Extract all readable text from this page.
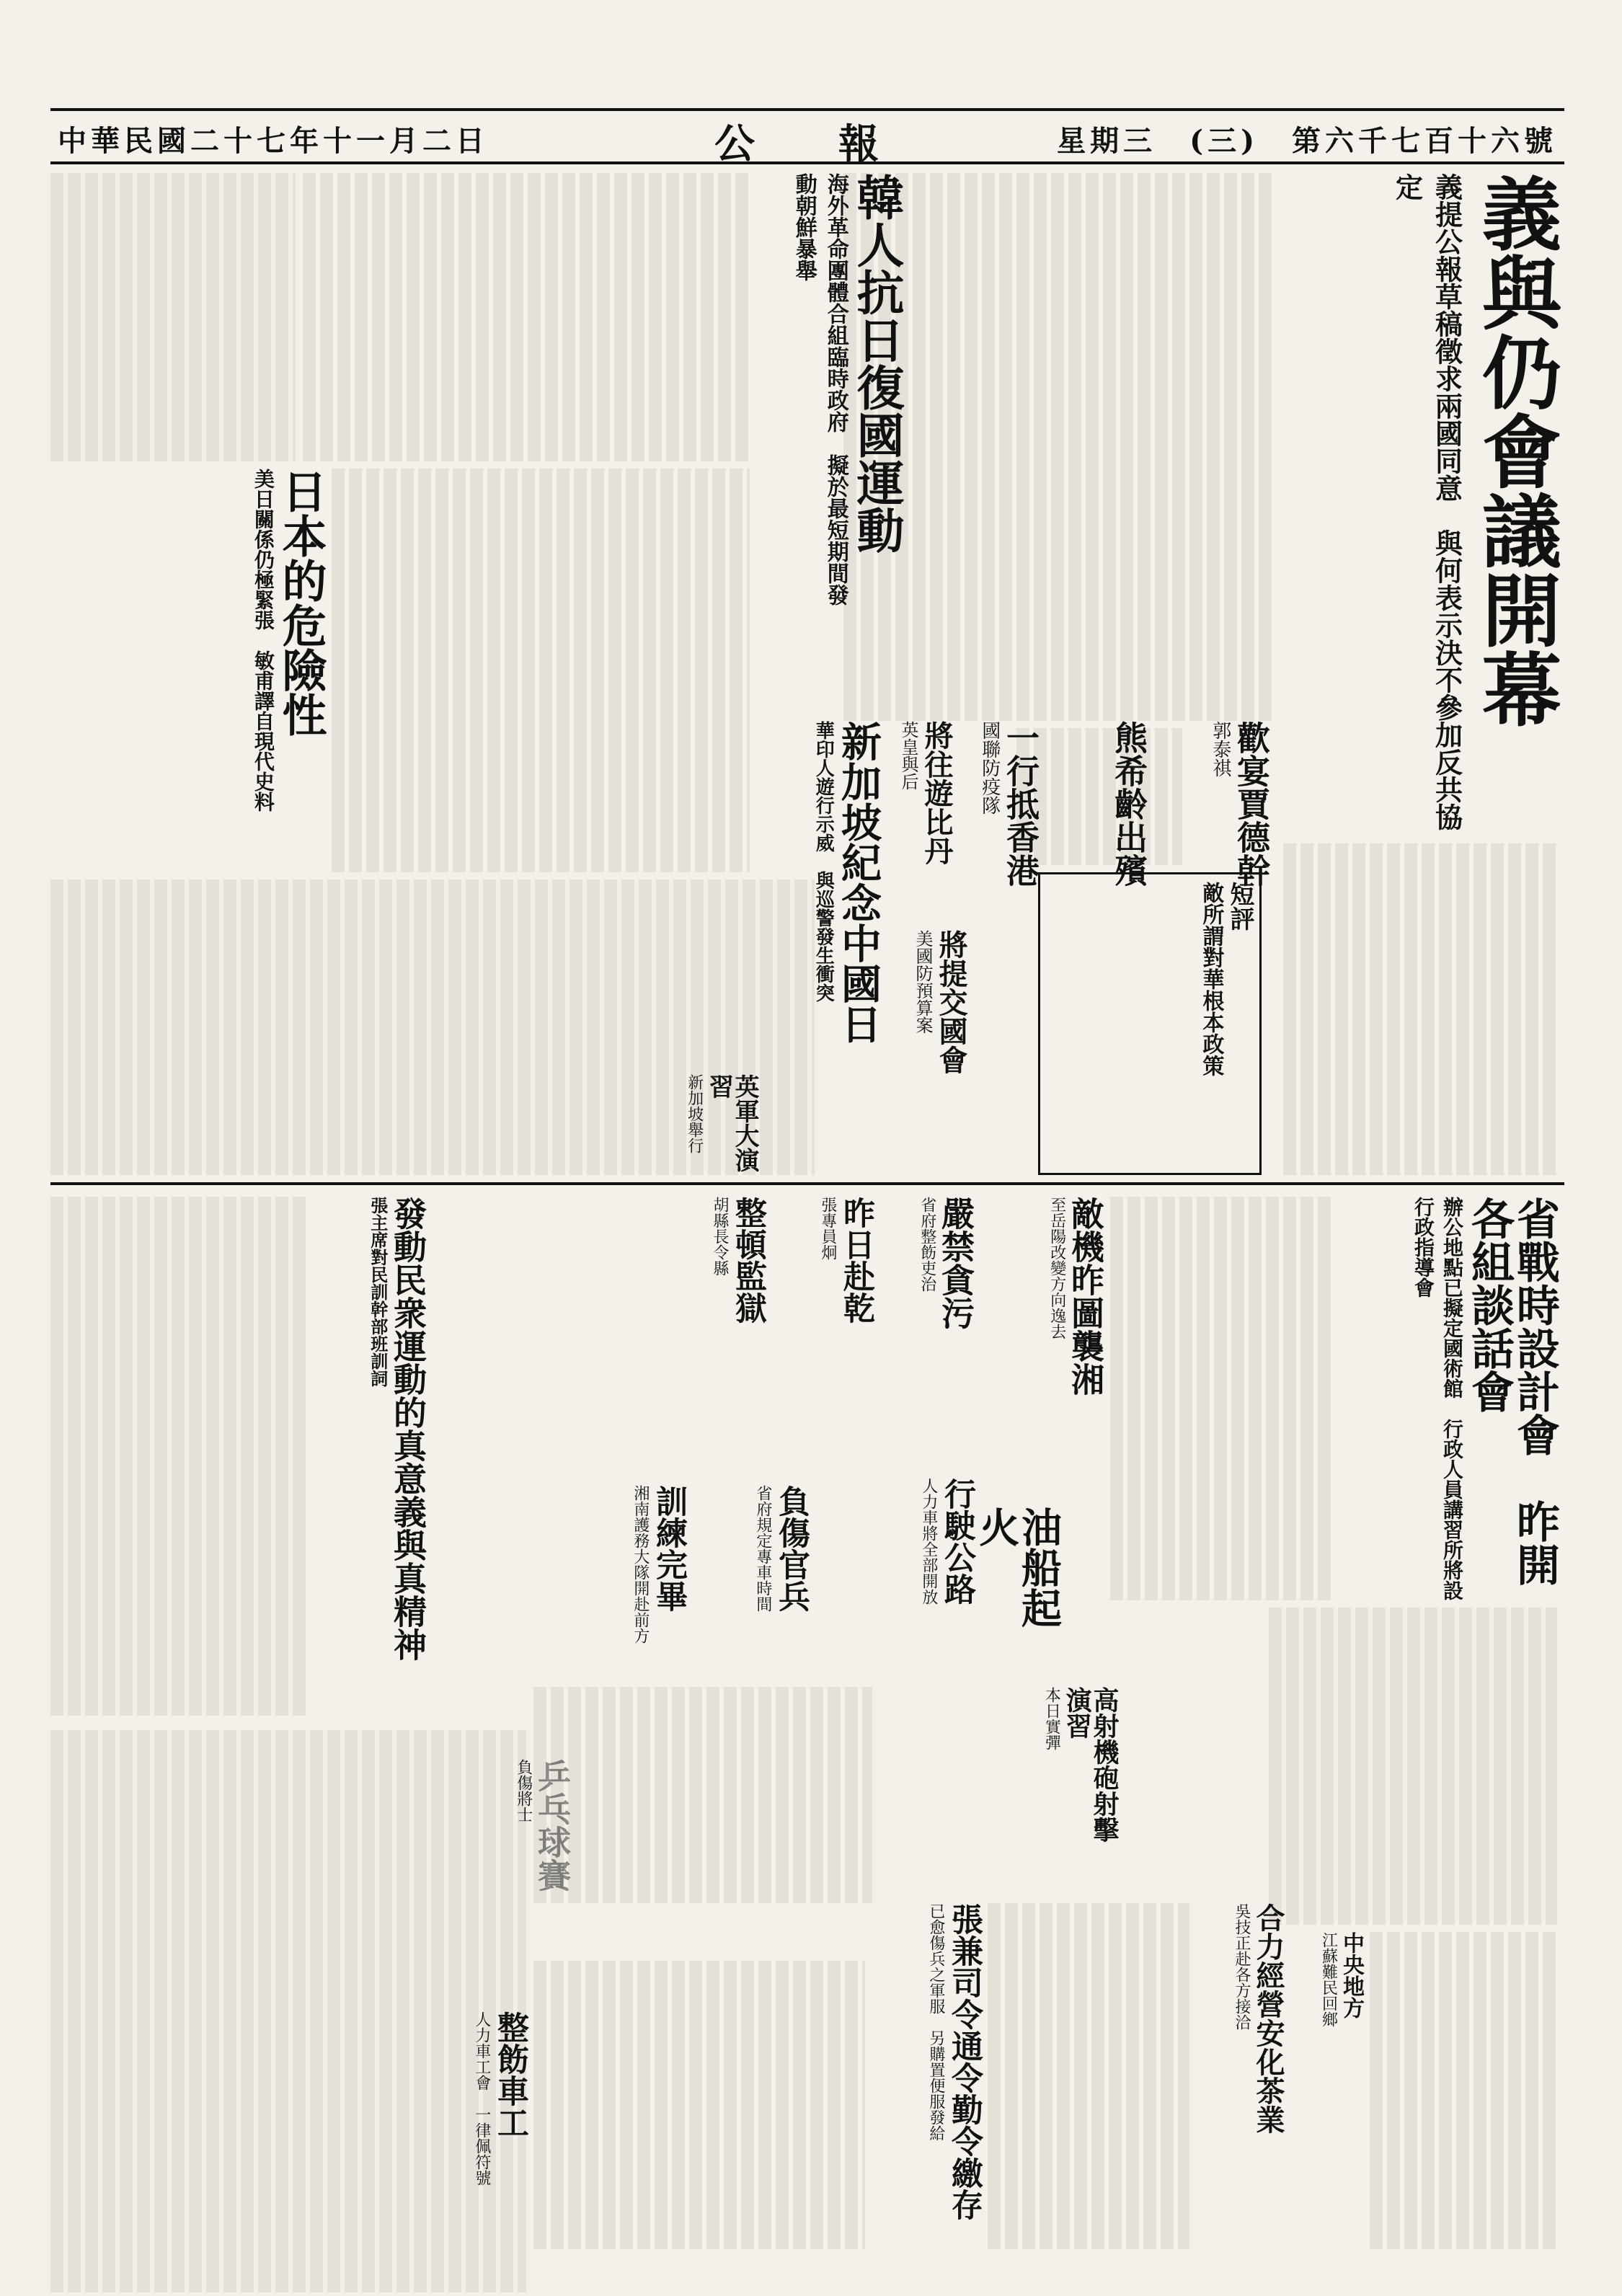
中華民國二十七年十一月二日	公　報	星期三　(三)　第六千七百十六號
義與仍會議開幕
義提公報草稿徵求兩國同意　與何表示決不參加反共協定
韓人抗日復國運動
海外革命團體合組臨時政府　擬於最短期間發動朝鮮暴舉
日本的危險性
美日關係仍極緊張　敏甫譯自現代史料	歡宴賈德幹
郭泰祺
熊希齡出殯
一行抵香港
國聯防疫隊
將往遊比丹
英皇與后
新加坡紀念中國日
華印人遊行示威　與巡警發生衝突	將提交國會
美國防預算案
短評
敵所謂對華根本政策
英軍大演習
新加坡舉行
省戰時設計會　昨開各組談話會
辦公地點已擬定國術館　行政人員講習所將設行政指導會
敵機昨圖襲湘
至岳陽改變方向逸去
嚴禁貪污
省府整飭吏治
昨日赴乾
張專員炯
整頓監獄
胡縣長令縣
發動民衆運動的真意義與真精神
張主席對民訓幹部班訓詞
行駛公路
人力車將全部開放
負傷官兵
省府規定專車時間
訓練完畢
湘南護務大隊開赴前方	油船起火
高射機砲射擊演習
本日實彈
合力經營安化茶業
吳技正赴各方接洽
張兼司令通令勤令繳存
已愈傷兵之軍服　另購置便服發給
負傷將士
整飭車工
人力車工會　一律佩符號
中央地方
江蘇難民回鄉
